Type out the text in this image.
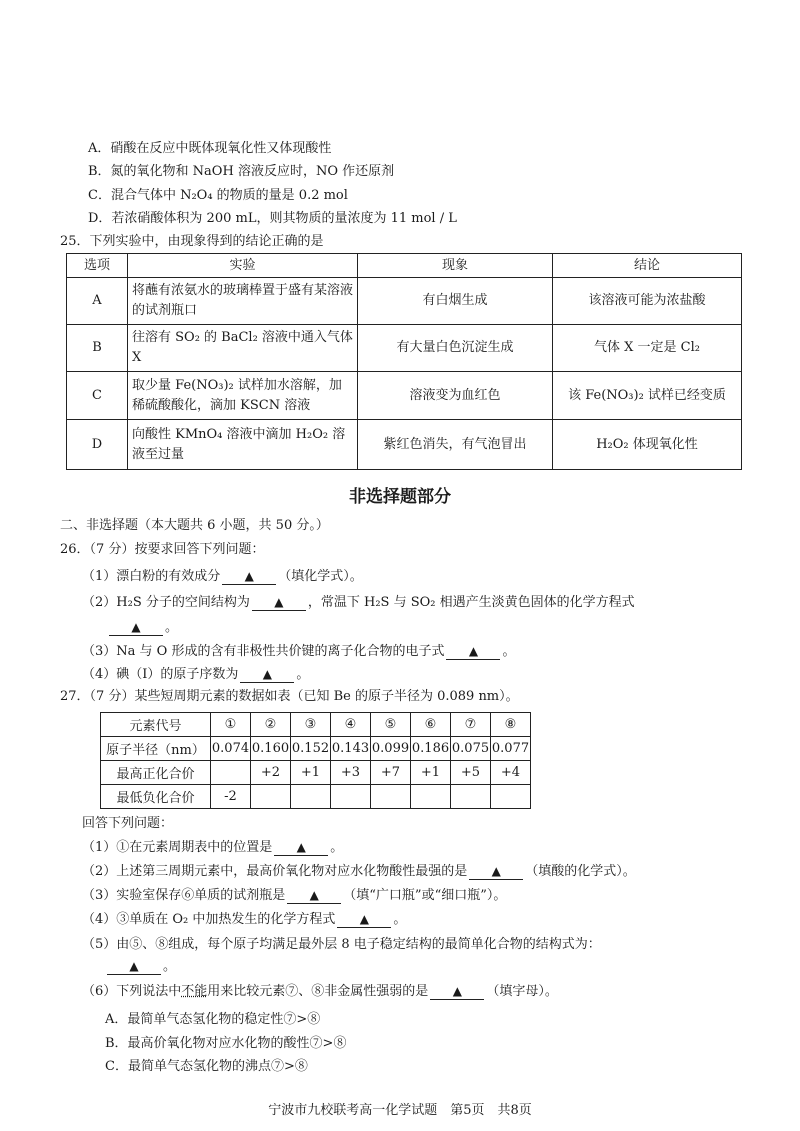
A．硝酸在反应中既体现氧化性又体现酸性
B．氮的氧化物和 NaOH 溶液反应时，NO 作还原剂
C．混合气体中 N₂O₄ 的物质的量是 0.2 mol
D．若浓硝酸体积为 200 mL，则其物质的量浓度为 11 mol / L
25．下列实验中，由现象得到的结论正确的是
选项	实验	现象	结论
A	将蘸有浓氨水的玻璃棒置于盛有某溶液的试剂瓶口	有白烟生成	该溶液可能为浓盐酸
B	往溶有 SO₂ 的 BaCl₂ 溶液中通入气体 X	有大量白色沉淀生成	气体 X 一定是 Cl₂
C	取少量 Fe(NO₃)₂ 试样加水溶解，加稀硫酸酸化，滴加 KSCN 溶液	溶液变为血红色	该 Fe(NO₃)₂ 试样已经变质
D	向酸性 KMnO₄ 溶液中滴加 H₂O₂ 溶液至过量	紫红色消失，有气泡冒出	H₂O₂ 体现氧化性
非选择题部分
二、非选择题（本大题共 6 小题，共 50 分。）
26．（7 分）按要求回答下列问题：
（1）漂白粉的有效成分 ▲ （填化学式）。
（2）H₂S 分子的空间结构为 ▲ ，常温下 H₂S 与 SO₂ 相遇产生淡黄色固体的化学方程式
▲ 。
（3）Na 与 O 形成的含有非极性共价键的离子化合物的电子式 ▲ 。
（4）碘（I）的原子序数为 ▲ 。
27．（7 分）某些短周期元素的数据如表（已知 Be 的原子半径为 0.089 nm）。
元素代号	①	②	③	④	⑤	⑥	⑦	⑧
原子半径（nm）	0.074	0.160	0.152	0.143	0.099	0.186	0.075	0.077
最高正化合价		+2	+1	+3	+7	+1	+5	+4
最低负化合价	-2							
回答下列问题：
（1）①在元素周期表中的位置是 ▲ 。
（2）上述第三周期元素中，最高价氧化物对应水化物酸性最强的是 ▲ （填酸的化学式）。
（3）实验室保存⑥单质的试剂瓶是 ▲ （填“广口瓶”或“细口瓶”）。
（4）③单质在 O₂ 中加热发生的化学方程式 ▲ 。
（5）由⑤、⑧组成，每个原子均满足最外层 8 电子稳定结构的最简单化合物的结构式为：
▲ 。
（6）下列说法中不能用来比较元素⑦、⑧非金属性强弱的是 ▲ （填字母）。
A．最简单气态氢化物的稳定性⑦>⑧
B．最高价氧化物对应水化物的酸性⑦>⑧
C．最简单气态氢化物的沸点⑦>⑧
宁波市九校联考高一化学试题　第5页　共8页
